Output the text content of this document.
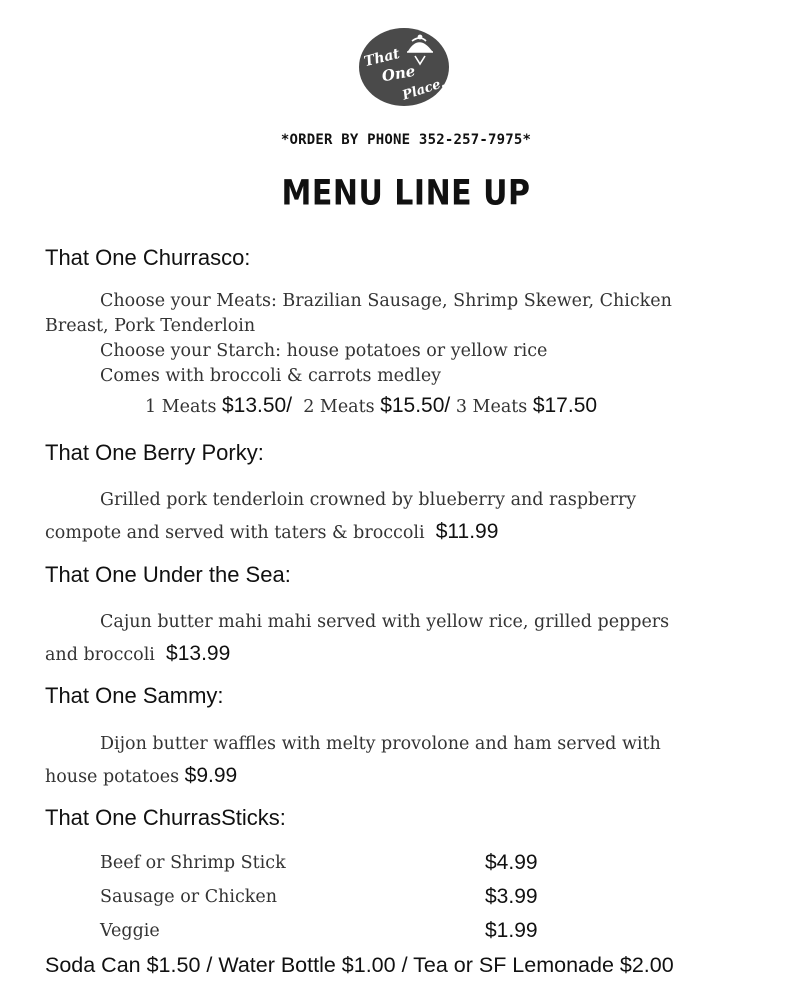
That
One
Place.
*ORDER BY PHONE 352-257-7975*
MENU LINE UP
That One Churrasco:
Choose your Meats: Brazilian Sausage, Shrimp Skewer, Chicken
Breast, Pork Tenderloin
Choose your Starch: house potatoes or yellow rice
Comes with broccoli & carrots medley
1 Meats $13.50/ 2 Meats $15.50/ 3 Meats $17.50
That One Berry Porky:
Grilled pork tenderloin crowned by blueberry and raspberry
compote and served with taters & broccoli $11.99
That One Under the Sea:
Cajun butter mahi mahi served with yellow rice, grilled peppers
and broccoli $13.99
That One Sammy:
Dijon butter waffles with melty provolone and ham served with
house potatoes $9.99
That One ChurrasSticks:
Beef or Shrimp Stick	$4.99
Sausage or Chicken	$3.99
Veggie	$1.99
Soda Can $1.50 / Water Bottle $1.00 / Tea or SF Lemonade $2.00
